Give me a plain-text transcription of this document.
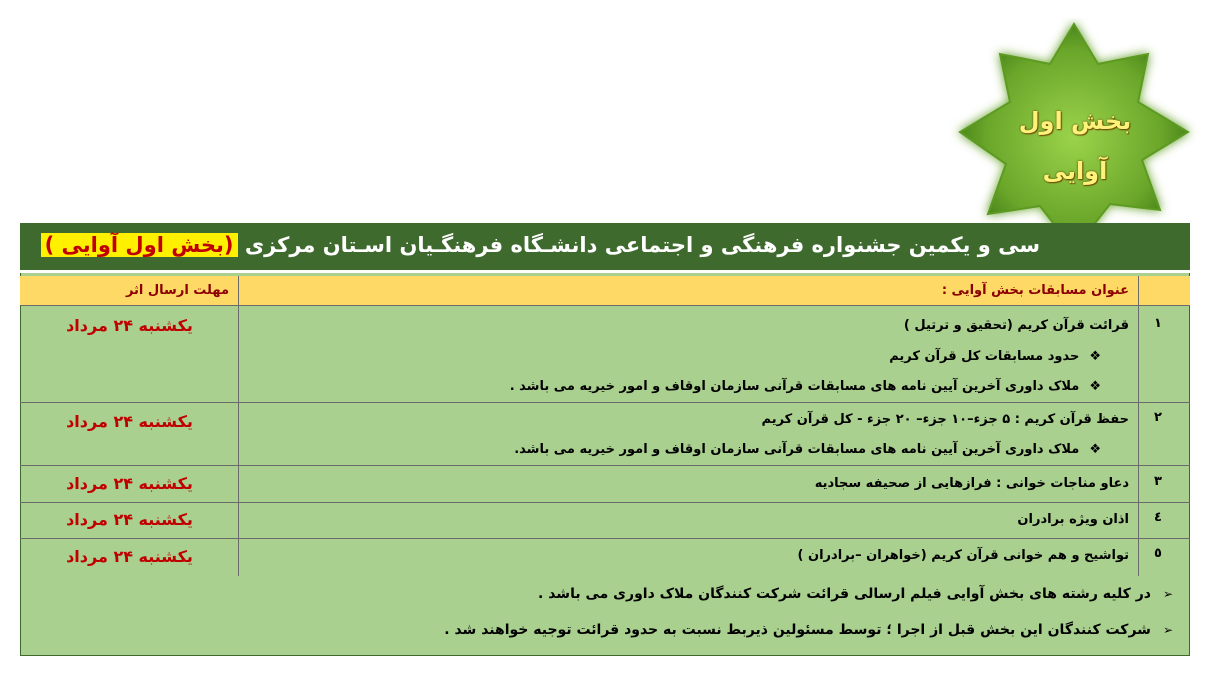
بخش اول
آوایی
سی و یکمین جشنواره فرهنگی و اجتماعی دانشـگاه فرهنگـیان اسـتان مرکزی (بخش اول آوایی )
عنوان مسابقات بخش آوایی :
مهلت ارسال اثر
۱
قرائت قرآن کریم (تحقیق و ترتیل )
❖حدود مسابقات کل قرآن کریم
❖ملاک داوری آخرین آیین نامه های مسابقات قرآنی سازمان اوقاف و امور خیریه می باشد .
یکشنبه ۲۴ مرداد
۲
حفظ قرآن کریم : ۵ جزء–۱۰ جزء– ۲۰ جزء - کل قرآن کریم
❖ملاک داوری آخرین آیین نامه های مسابقات قرآنی سازمان اوقاف و امور خیریه می باشد.
یکشنبه ۲۴ مرداد
۳
دعاو مناجات خوانی : فرازهایی از صحیفه سجادیه
یکشنبه ۲۴ مرداد
٤
اذان ویژه برادران
یکشنبه ۲۴ مرداد
٥
تواشیح و هم خوانی قرآن کریم (خواهران –برادران )
یکشنبه ۲۴ مرداد
➢در کلیه رشته های بخش آوایی فیلم ارسالی قرائت شرکت کنندگان ملاک داوری می باشد .
➢شرکت کنندگان این بخش قبل از اجرا ؛ توسط مسئولین ذیربط نسبت به حدود قرائت توجیه خواهند شد .
